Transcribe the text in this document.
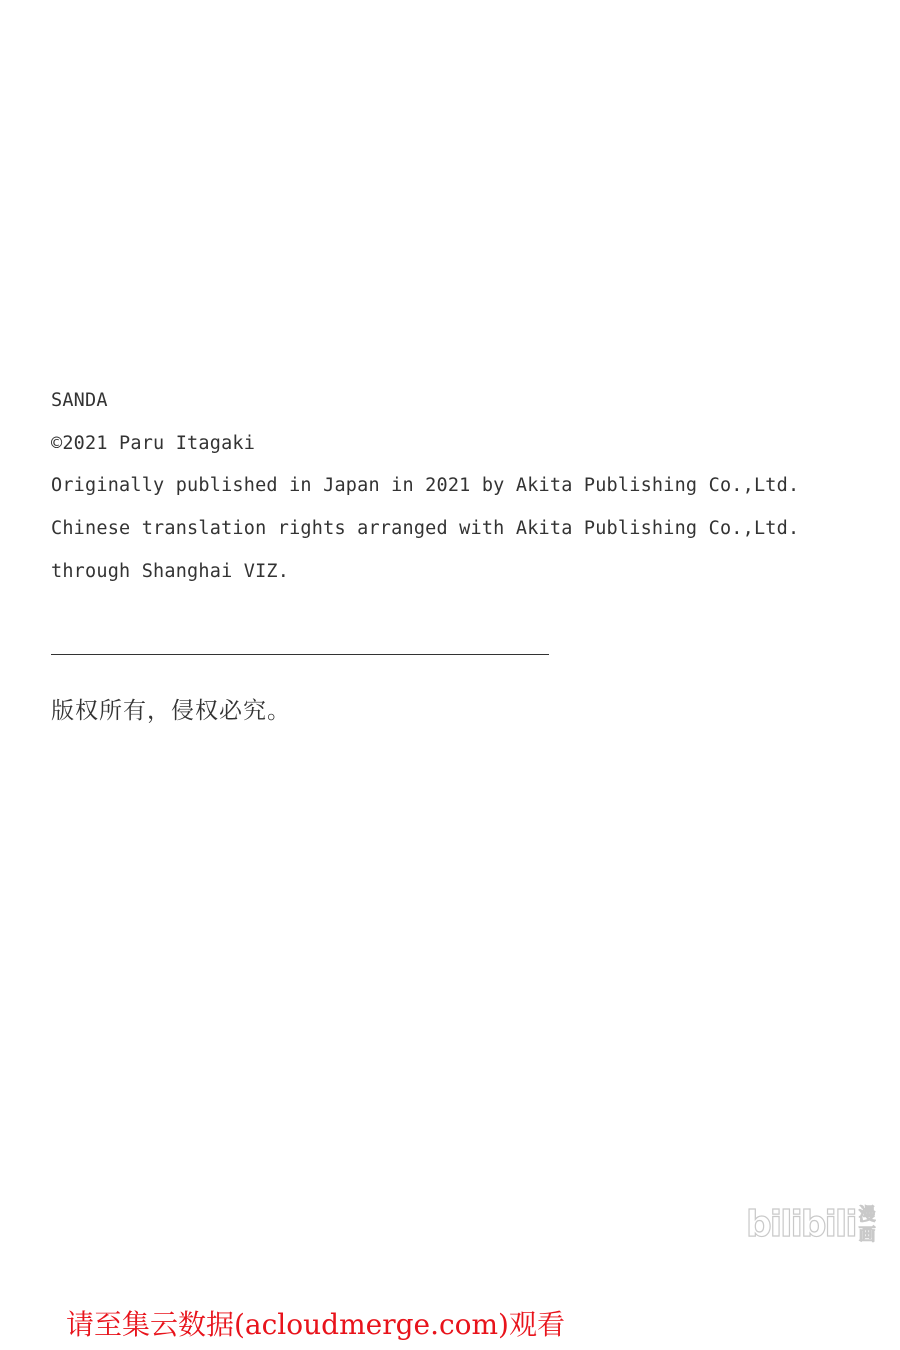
SANDA
©2021 Paru Itagaki
Originally published in Japan in 2021 by Akita Publishing Co.,Ltd.
Chinese translation rights arranged with Akita Publishing Co.,Ltd.
through Shanghai VIZ.
版权所有，侵权必究。
bilibili 漫
画
请至集云数据(acloudmerge.com)观看
